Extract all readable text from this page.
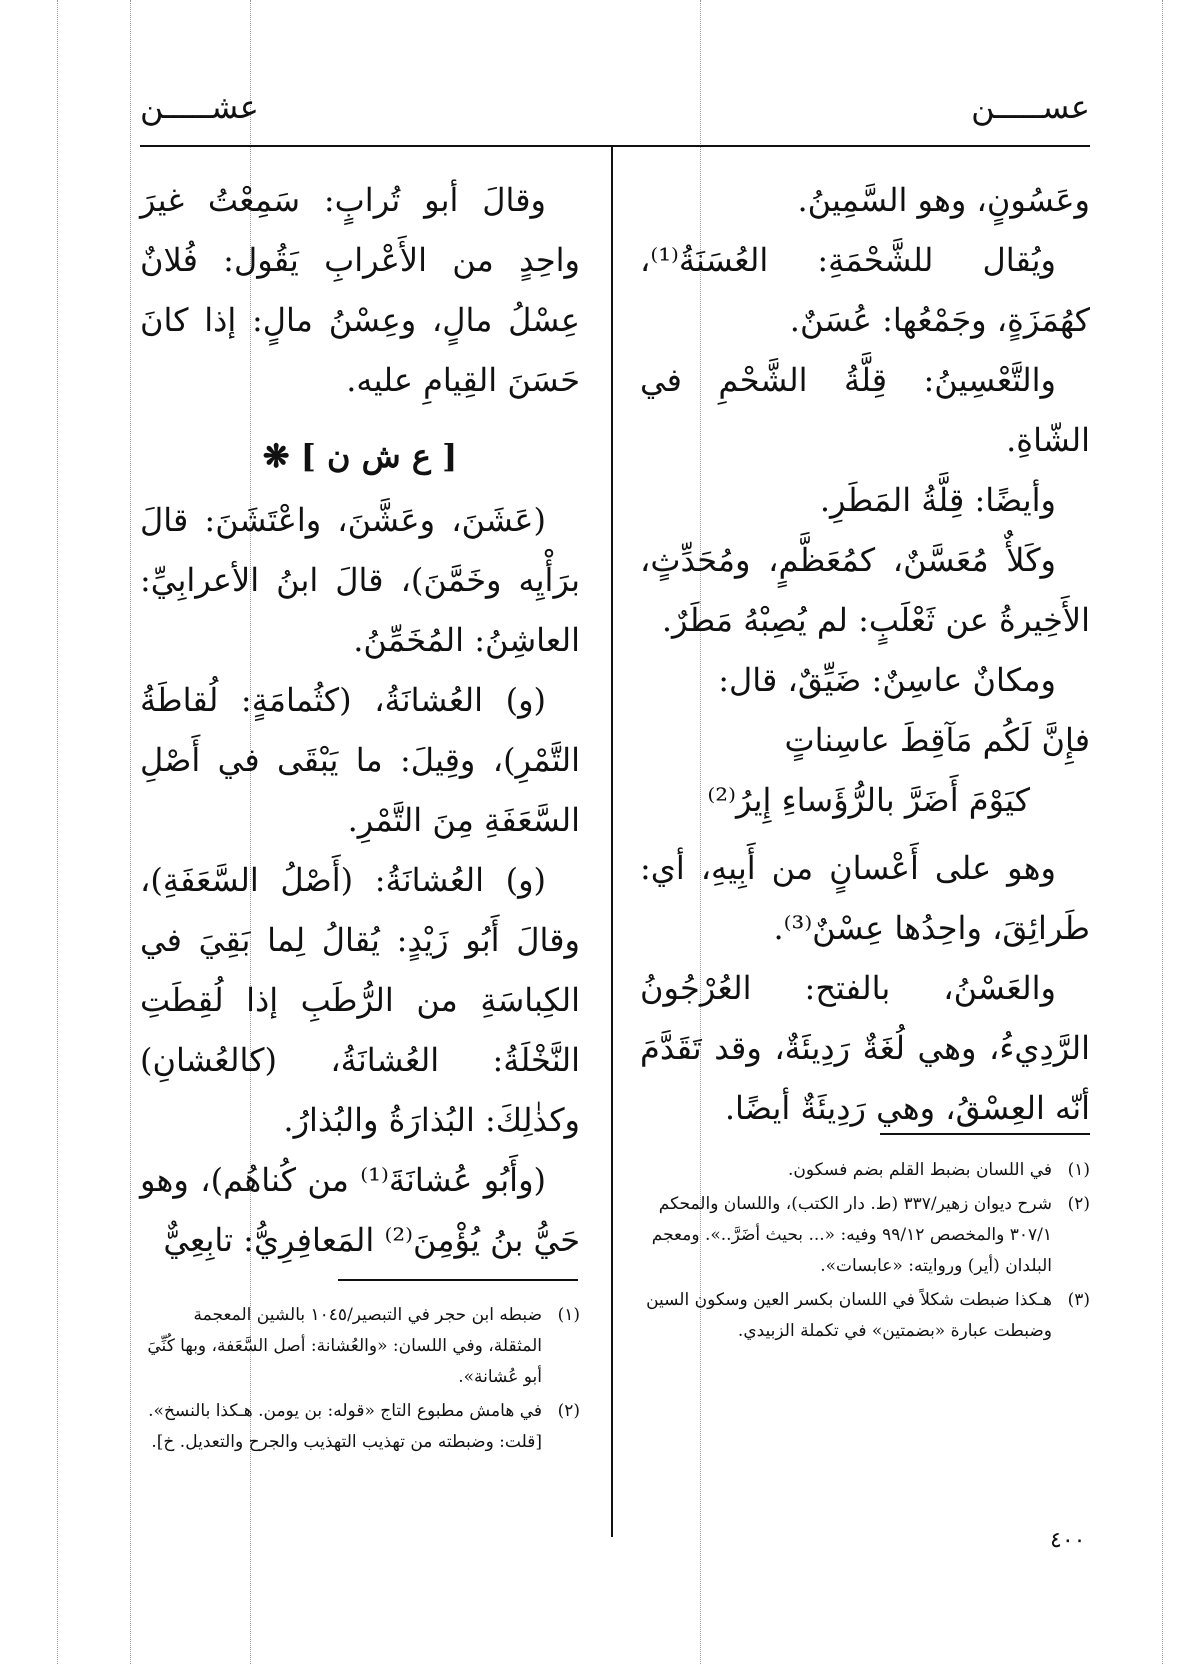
عســـــن
عشـــــن

وعَسُونٍ، وهو السَّمِينُ.

ويُقال للشَّحْمَةِ: العُسَنَةُ⁽¹⁾، كهُمَزَةٍ، وجَمْعُها: عُسَنٌ.

والتَّعْسِينُ: قِلَّةُ الشَّحْمِ في الشّاةِ.

وأيضًا: قِلَّةُ المَطَرِ.

وكَلأٌ مُعَسَّنٌ، كمُعَظَّمٍ، ومُحَدِّثٍ، الأَخِيرةُ عن ثَعْلَبٍ: لم يُصِبْهُ مَطَرٌ.

ومكانٌ عاسِنٌ: ضَيِّقٌ، قال:

فإِنَّ لَكُم مَآقِطَ عاسِناتٍ

كيَوْمَ أَضَرَّ بالرُّؤَساءِ إِيرُ⁽²⁾

وهو على أَعْسانٍ من أَبِيهِ، أي: طَرائِقَ، واحِدُها عِسْنٌ⁽³⁾.

والعَسْنُ، بالفتح: العُرْجُونُ الرَّدِيءُ، وهي لُغَةٌ رَدِيئَةٌ، وقد تَقَدَّمَ أنّه العِسْقُ، وهي رَدِيئَةٌ أيضًا.

وقالَ أبو تُرابٍ: سَمِعْتُ غيرَ واحِدٍ من الأَعْرابِ يَقُول: فُلانٌ عِسْلُ مالٍ، وعِسْنُ مالٍ: إذا كانَ حَسَنَ القِيامِ عليه.

[ ع ش ن ] ❋

(عَشَنَ، وعَشَّنَ، واعْتَشَنَ: قالَ برَأْيِه وخَمَّنَ)، قالَ ابنُ الأعرابِيِّ: العاشِنُ: المُخَمِّنُ.

(و) العُشانَةُ، (كثُمامَةٍ: لُقاطَةُ التَّمْرِ)، وقِيلَ: ما يَبْقَى في أَصْلِ السَّعَفَةِ مِنَ التَّمْرِ.

(و) العُشانَةُ: (أَصْلُ السَّعَفَةِ)، وقالَ أَبُو زَيْدٍ: يُقالُ لِما بَقِيَ في الكِباسَةِ من الرُّطَبِ إذا لُقِطَتِ النَّخْلَةُ: العُشانَةُ، (كالعُشانِ) وكذٰلِكَ: البُذارَةُ والبُذارُ.

(وأَبُو عُشانَةَ⁽¹⁾ من كُناهُم)، وهو حَيُّ بنُ يُؤْمِنَ⁽²⁾ المَعافِرِيُّ: تابِعِيٌّ

(١)
في اللسان بضبط القلم بضم فسكون.

(٢)
شرح ديوان زهير/٣٣٧ (ط. دار الكتب)، واللسان والمحكم ٣٠٧/١ والمخصص ٩٩/١٢ وفيه: «... بحيث أضَرَّ..». ومعجم البلدان (أير) وروايته: «عابسات».

(٣)
هـكذا ضبطت شكلاً في اللسان بكسر العين وسكون السين وضبطت عبارة «بضمتين» في تكملة الزبيدي.

(١)
ضبطه ابن حجر في التبصير/١٠٤٥ بالشين المعجمة المثقلة، وفي اللسان: «والعُشانة: أصل السَّعَفة، وبها كُنِّيَ أبو عُشانة».

(٢)
في هامش مطبوع التاج «قوله: بن يومن. هـكذا بالنسخ». [قلت: وضبطته من تهذيب التهذيب والجرح والتعديل. خ].

٤٠٠
